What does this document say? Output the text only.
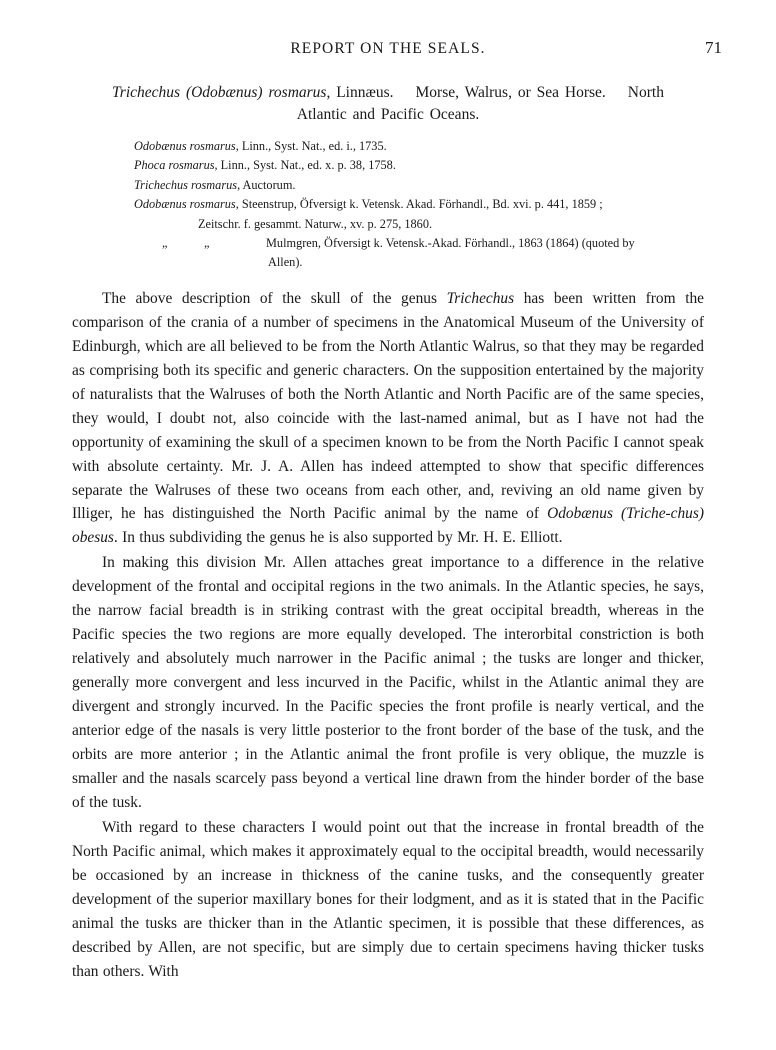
REPORT ON THE SEALS.	71
Trichechus (Odobænus) rosmarus, Linnæus. Morse, Walrus, or Sea Horse. North
Atlantic and Pacific Oceans.
Odobænus rosmarus, Linn., Syst. Nat., ed. i., 1735.
Phoca rosmarus, Linn., Syst. Nat., ed. x. p. 38, 1758.
Trichechus rosmarus, Auctorum.
Odobænus rosmarus, Steenstrup, Öfversigt k. Vetensk. Akad. Förhandl., Bd. xvi. p. 441, 1859 ;
Zeitschr. f. gesammt. Naturw., xv. p. 275, 1860.
„	„	Mulmgren, Öfversigt k. Vetensk.-Akad. Förhandl., 1863 (1864) (quoted by
Allen).

The above description of the skull of the genus Trichechus has been written from the comparison of the crania of a number of specimens in the Anatomical Museum of the University of Edinburgh, which are all believed to be from the North Atlantic Walrus, so that they may be regarded as comprising both its specific and generic characters. On the supposition entertained by the majority of naturalists that the Walruses of both the North Atlantic and North Pacific are of the same species, they would, I doubt not, also coincide with the last-named animal, but as I have not had the opportunity of examining the skull of a specimen known to be from the North Pacific I cannot speak with absolute certainty. Mr. J. A. Allen has indeed attempted to show that specific differences separate the Walruses of these two oceans from each other, and, reviving an old name given by Illiger, he has distinguished the North Pacific animal by the name of Odobænus (Triche-chus) obesus. In thus subdividing the genus he is also supported by Mr. H. E. Elliott.

In making this division Mr. Allen attaches great importance to a difference in the relative development of the frontal and occipital regions in the two animals. In the Atlantic species, he says, the narrow facial breadth is in striking contrast with the great occipital breadth, whereas in the Pacific species the two regions are more equally developed. The interorbital constriction is both relatively and absolutely much narrower in the Pacific animal ; the tusks are longer and thicker, generally more convergent and less incurved in the Pacific, whilst in the Atlantic animal they are divergent and strongly incurved. In the Pacific species the front profile is nearly vertical, and the anterior edge of the nasals is very little posterior to the front border of the base of the tusk, and the orbits are more anterior ; in the Atlantic animal the front profile is very oblique, the muzzle is smaller and the nasals scarcely pass beyond a vertical line drawn from the hinder border of the base of the tusk.

With regard to these characters I would point out that the increase in frontal breadth of the North Pacific animal, which makes it approximately equal to the occipital breadth, would necessarily be occasioned by an increase in thickness of the canine tusks, and the consequently greater development of the superior maxillary bones for their lodgment, and as it is stated that in the Pacific animal the tusks are thicker than in the Atlantic specimen, it is possible that these differences, as described by Allen, are not specific, but are simply due to certain specimens having thicker tusks than others. With
